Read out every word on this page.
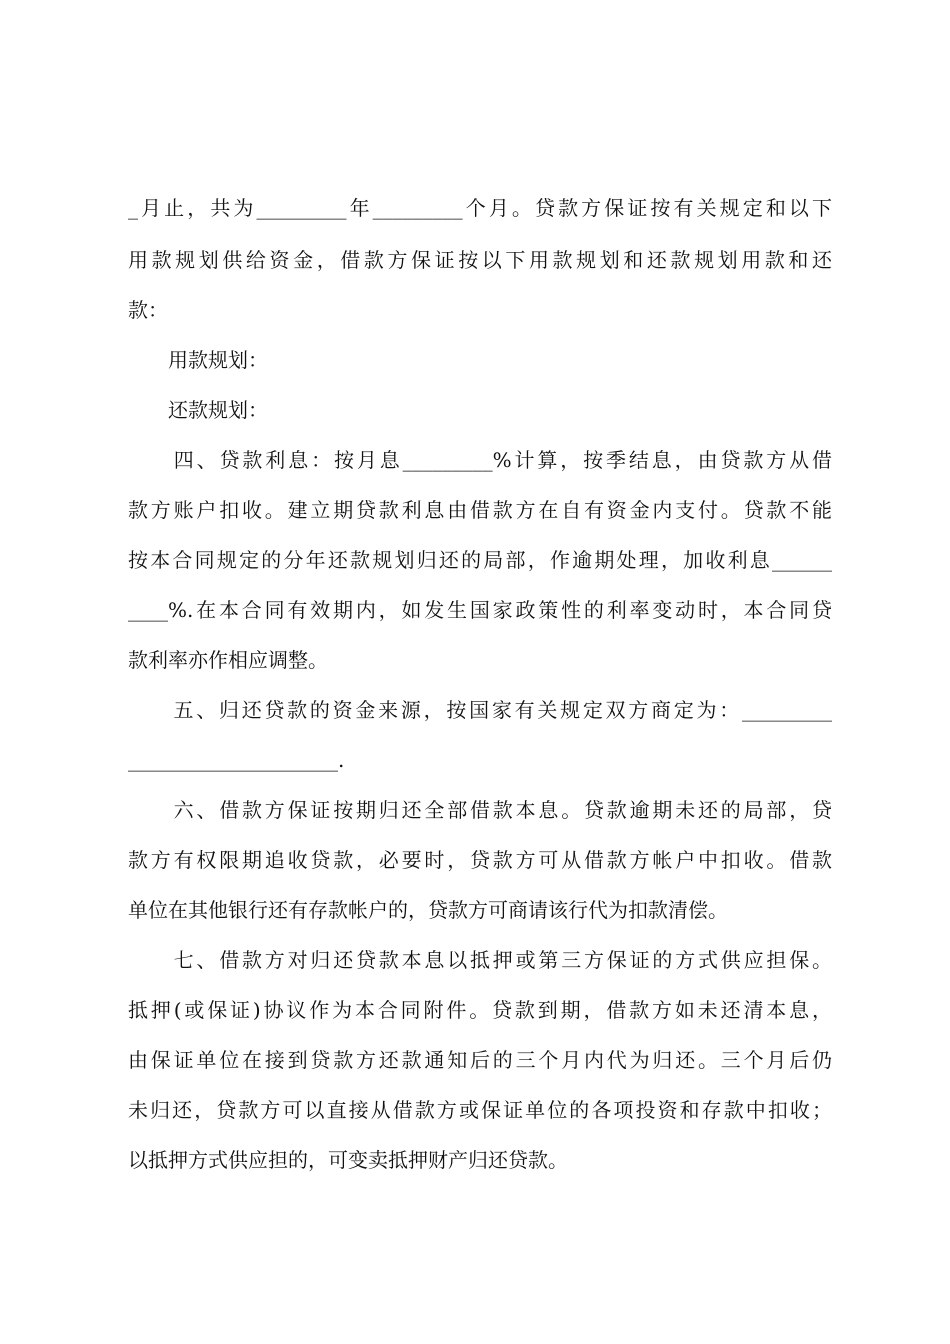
_月止，共为_________年_________个月。贷款方保证按有关规定和以下
用款规划供给资金，借款方保证按以下用款规划和还款规划用款和还
款：
　　用款规划：
　　还款规划：
　　四、贷款利息：按月息_________%计算，按季结息，由贷款方从借
款方账户扣收。建立期贷款利息由借款方在自有资金内支付。贷款不能
按本合同规定的分年还款规划归还的局部，作逾期处理，加收利息______
____%.在本合同有效期内，如发生国家政策性的利率变动时，本合同贷
款利率亦作相应调整。
　　五、归还贷款的资金来源，按国家有关规定双方商定为：_________
_____________________.
　　六、借款方保证按期归还全部借款本息。贷款逾期未还的局部，贷
款方有权限期追收贷款，必要时，贷款方可从借款方帐户中扣收。借款
单位在其他银行还有存款帐户的，贷款方可商请该行代为扣款清偿。
　　七、借款方对归还贷款本息以抵押或第三方保证的方式供应担保。
抵押(或保证)协议作为本合同附件。贷款到期，借款方如未还清本息，
由保证单位在接到贷款方还款通知后的三个月内代为归还。三个月后仍
未归还，贷款方可以直接从借款方或保证单位的各项投资和存款中扣收；
以抵押方式供应担的，可变卖抵押财产归还贷款。
